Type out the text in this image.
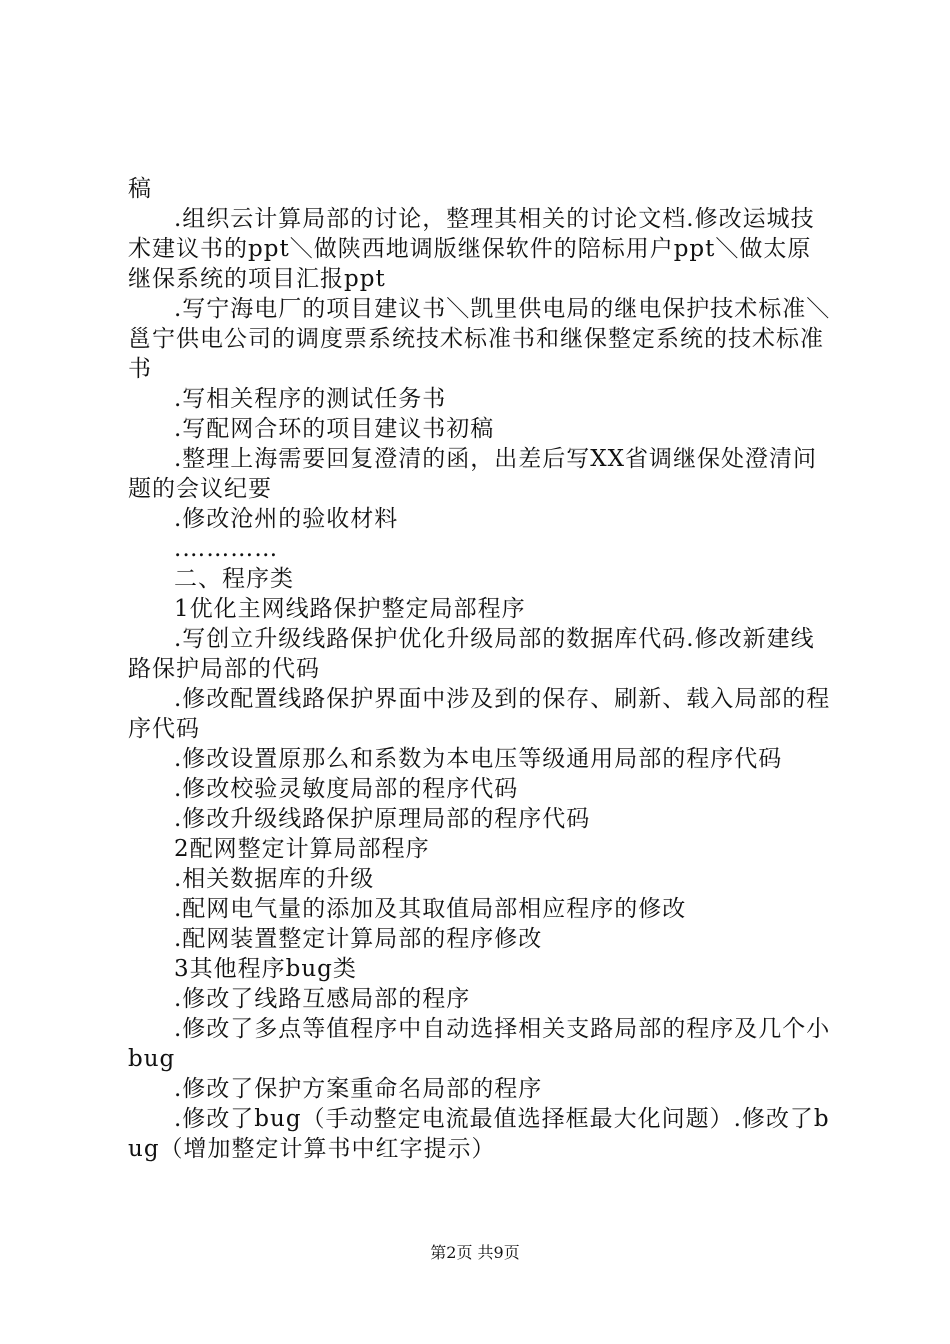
稿

.组织云计算局部的讨论，整理其相关的讨论文档.修改运城技术建议书的ppt＼做陕西地调版继保软件的陪标用户ppt＼做太原继保系统的项目汇报ppt

.写宁海电厂的项目建议书＼凯里供电局的继电保护技术标准＼邕宁供电公司的调度票系统技术标准书和继保整定系统的技术标准书

.写相关程序的测试任务书

.写配网合环的项目建议书初稿

.整理上海需要回复澄清的函，出差后写XX省调继保处澄清问题的会议纪要

.修改沧州的验收材料

.…………

二、程序类

1优化主网线路保护整定局部程序

.写创立升级线路保护优化升级局部的数据库代码.修改新建线路保护局部的代码

.修改配置线路保护界面中涉及到的保存、刷新、载入局部的程序代码

.修改设置原那么和系数为本电压等级通用局部的程序代码

.修改校验灵敏度局部的程序代码

.修改升级线路保护原理局部的程序代码

2配网整定计算局部程序

.相关数据库的升级

.配网电气量的添加及其取值局部相应程序的修改

.配网装置整定计算局部的程序修改

3其他程序bug类

.修改了线路互感局部的程序

.修改了多点等值程序中自动选择相关支路局部的程序及几个小bug

.修改了保护方案重命名局部的程序

.修改了bug（手动整定电流最值选择框最大化问题）.修改了bug（增加整定计算书中红字提示）

第2页 共9页
